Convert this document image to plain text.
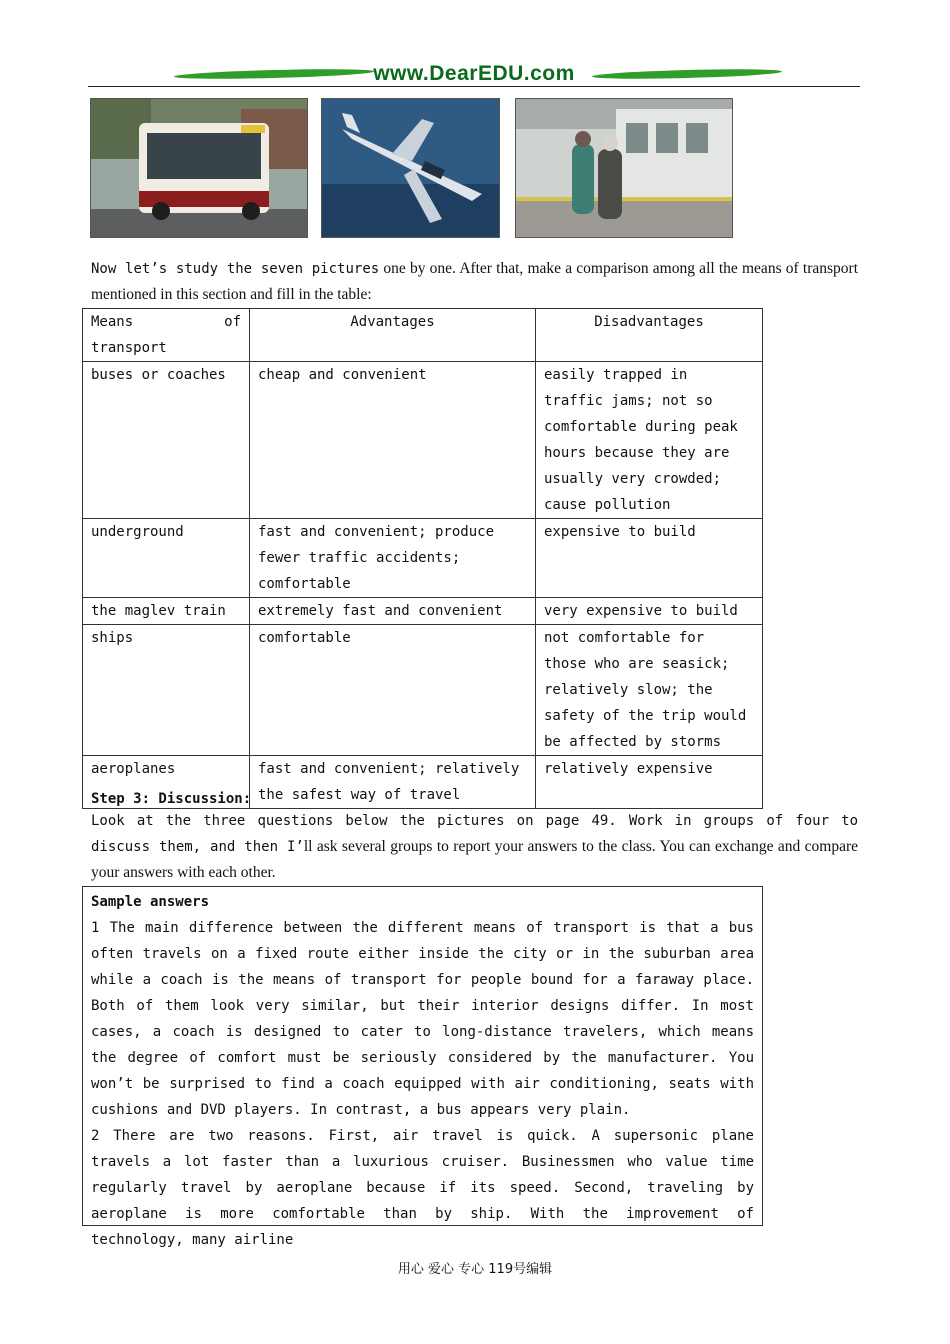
www.DearEDU.com
Now let’s study the seven pictures one by one. After that, make a comparison among all the means of transport mentioned in this section and fill in the table:
Means of transport	Advantages	Disadvantages
buses or coaches	cheap and convenient	easily trapped in traffic jams; not so comfortable during peak hours because they are usually very crowded; cause pollution
underground	fast and convenient; produce fewer traffic accidents; comfortable	expensive to build
the maglev train	extremely fast and convenient	very expensive to build
ships	comfortable	not comfortable for those who are seasick; relatively slow; the safety of the trip would be affected by storms
aeroplanes	fast and convenient; relatively the safest way of travel	relatively expensive
Step 3: Discussion:
Look at the three questions below the pictures on page 49. Work in groups of four to discuss them, and then I’ll ask several groups to report your answers to the class. You can exchange and compare your answers with each other.
Sample answers
1 The main difference between the different means of transport is that a bus often travels on a fixed route either inside the city or in the suburban area while a coach is the means of transport for people bound for a faraway place. Both of them look very similar, but their interior designs differ. In most cases, a coach is designed to cater to long-distance travelers, which means the degree of comfort must be seriously considered by the manufacturer. You won’t be surprised to find a coach equipped with air conditioning, seats with cushions and DVD players. In contrast, a bus appears very plain.
2 There are two reasons. First, air travel is quick. A supersonic plane travels a lot faster than a luxurious cruiser. Businessmen who value time regularly travel by aeroplane because if its speed. Second, traveling by aeroplane is more comfortable than by ship. With the improvement of technology, many airline
用心 爱心 专心 119号编辑
